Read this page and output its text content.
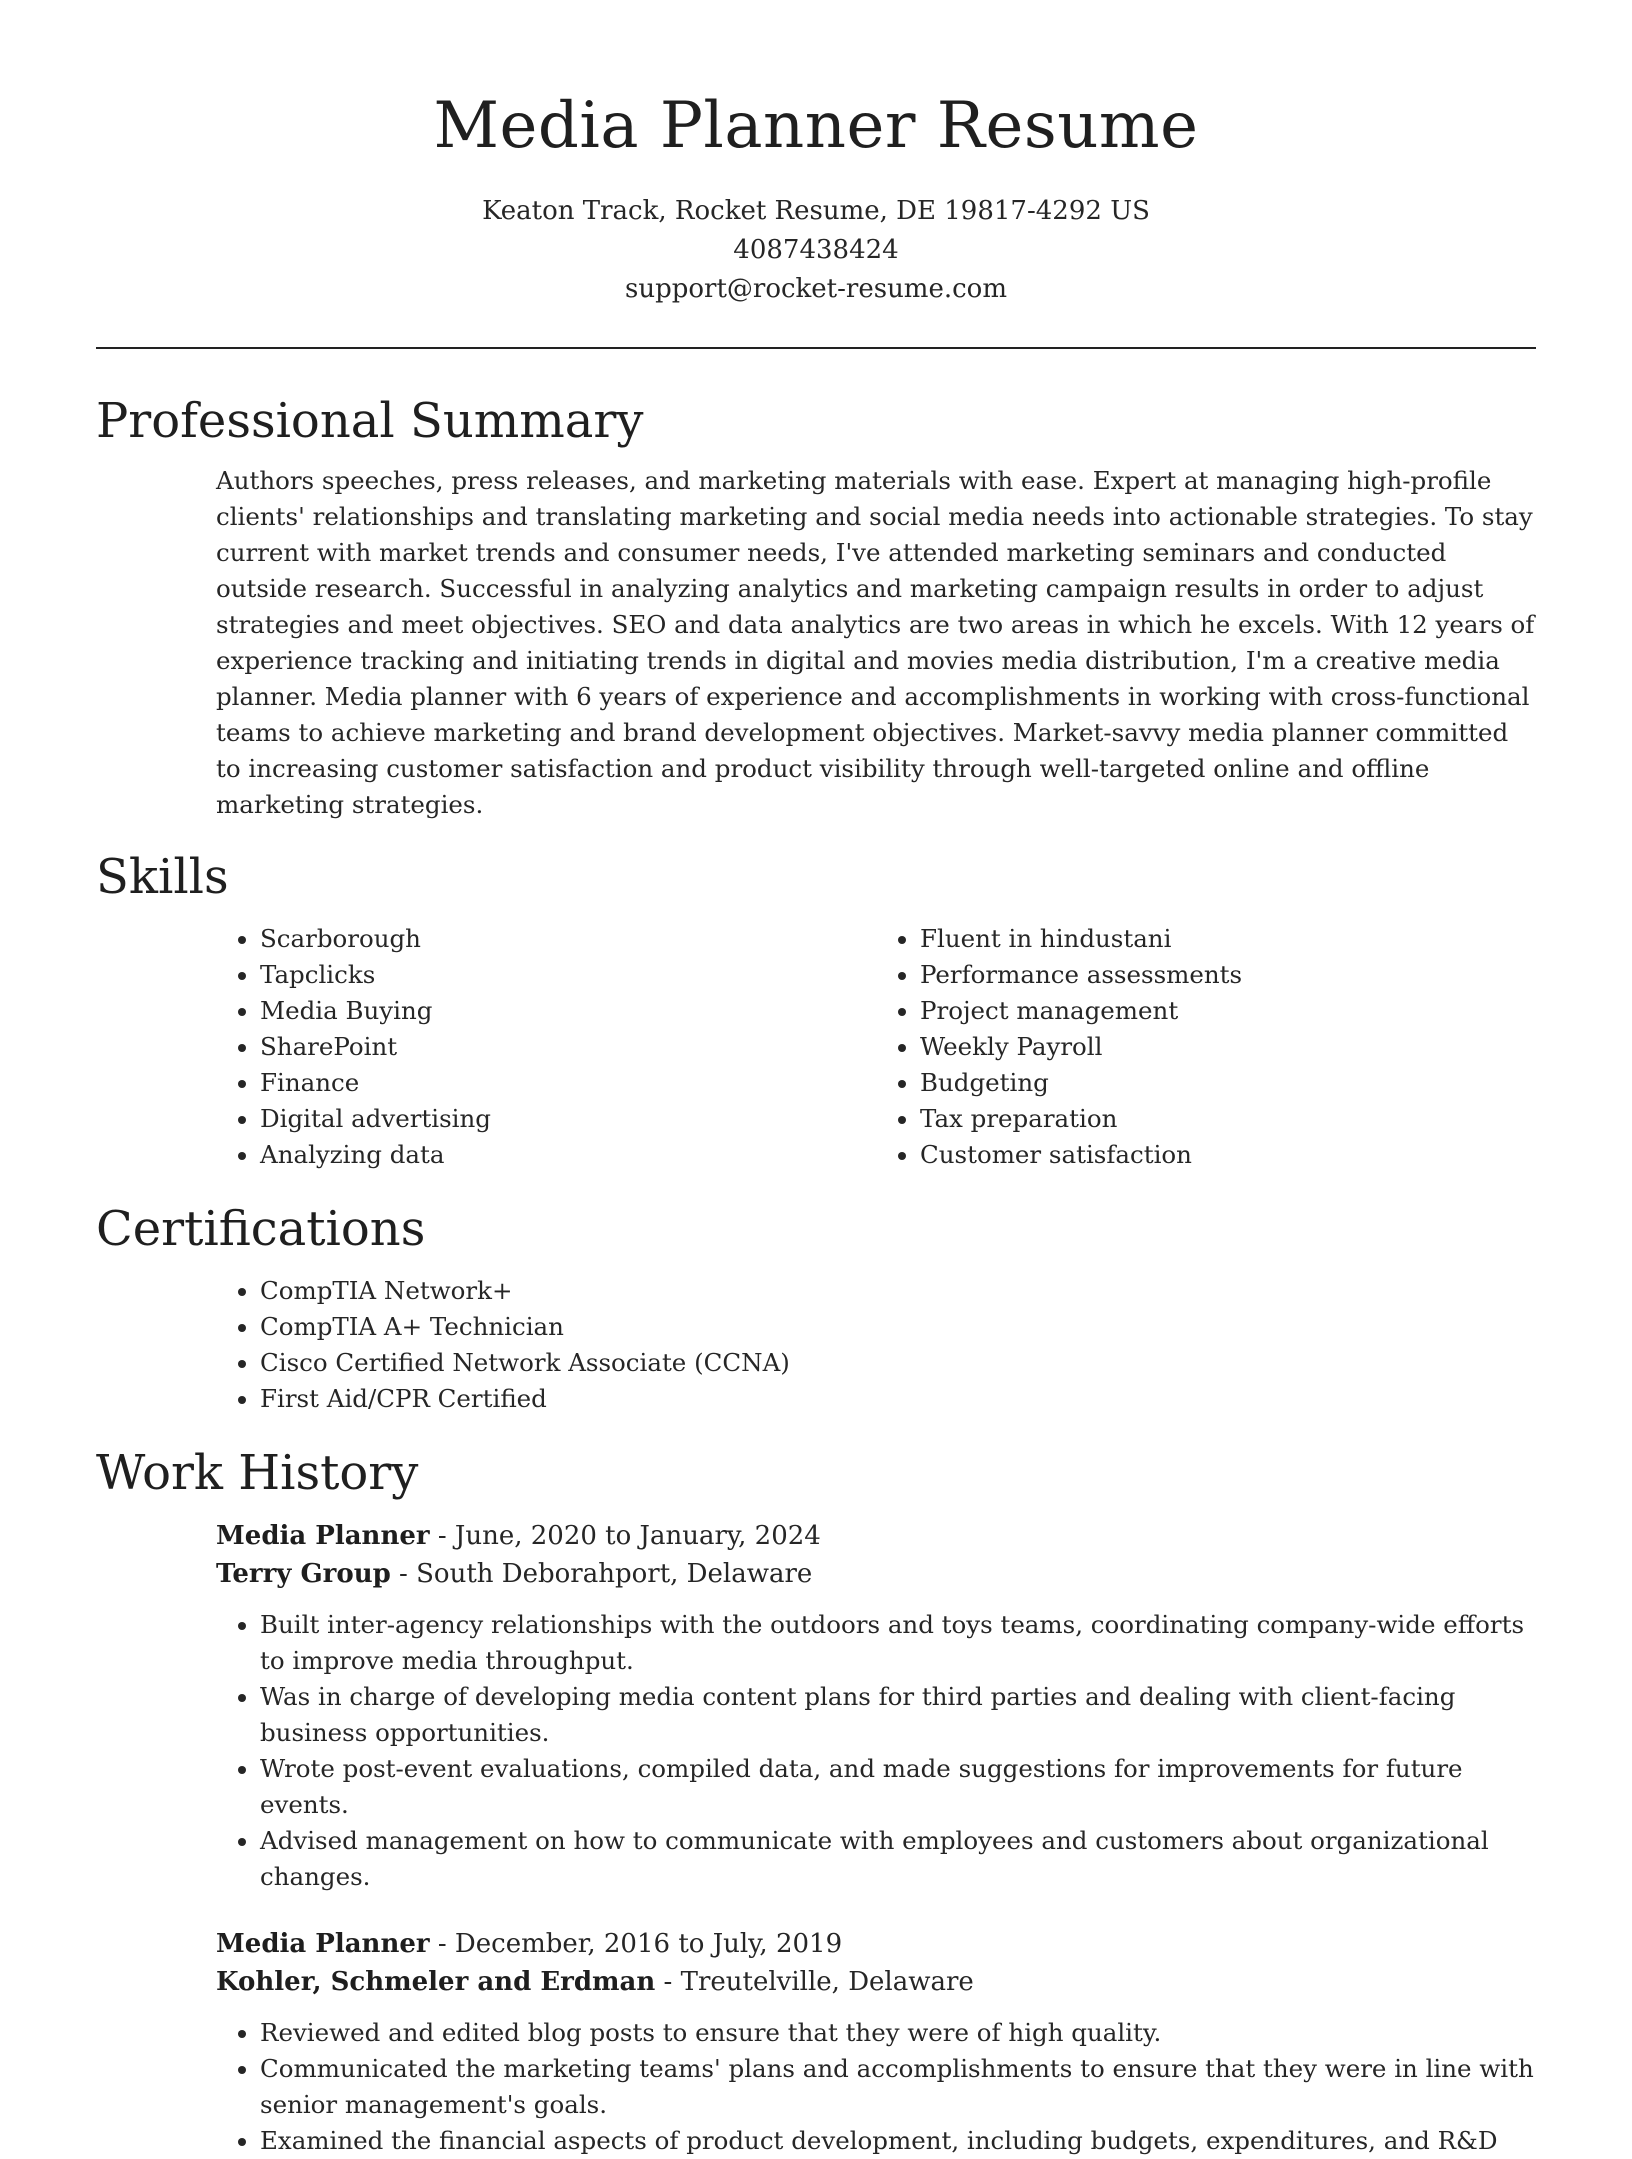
Media Planner Resume
Keaton Track, Rocket Resume, DE 19817-4292 US
4087438424
support@rocket-resume.com
Professional Summary

Authors speeches, press releases, and marketing materials with ease. Expert at managing high-profile clients' relationships and translating marketing and social media needs into actionable strategies. To stay current with market trends and consumer needs, I've attended marketing seminars and conducted outside research. Successful in analyzing analytics and marketing campaign results in order to adjust strategies and meet objectives. SEO and data analytics are two areas in which he excels. With 12 years of experience tracking and initiating trends in digital and movies media distribution, I'm a creative media planner. Media planner with 6 years of experience and accomplishments in working with cross-functional teams to achieve marketing and brand development objectives. Market-savvy media planner committed to increasing customer satisfaction and product visibility through well-targeted online and offline marketing strategies.

Skills
• Scarborough
• Tapclicks
• Media Buying
• SharePoint
• Finance
• Digital advertising
• Analyzing data
• Fluent in hindustani
• Performance assessments
• Project management
• Weekly Payroll
• Budgeting
• Tax preparation
• Customer satisfaction
Certifications
• CompTIA Network+
• CompTIA A+ Technician
• Cisco Certified Network Associate (CCNA)
• First Aid/CPR Certified
Work History
Media Planner - June, 2020 to January, 2024
Terry Group - South Deborahport, Delaware
• Built inter-agency relationships with the outdoors and toys teams, coordinating company-wide efforts to improve media throughput.
• Was in charge of developing media content plans for third parties and dealing with client-facing business opportunities.
• Wrote post-event evaluations, compiled data, and made suggestions for improvements for future events.
• Advised management on how to communicate with employees and customers about organizational changes.
Media Planner - December, 2016 to July, 2019
Kohler, Schmeler and Erdman - Treutelville, Delaware
• Reviewed and edited blog posts to ensure that they were of high quality.
• Communicated the marketing teams' plans and accomplishments to ensure that they were in line with senior management's goals.
• Examined the financial aspects of product development, including budgets, expenditures, and R&D
